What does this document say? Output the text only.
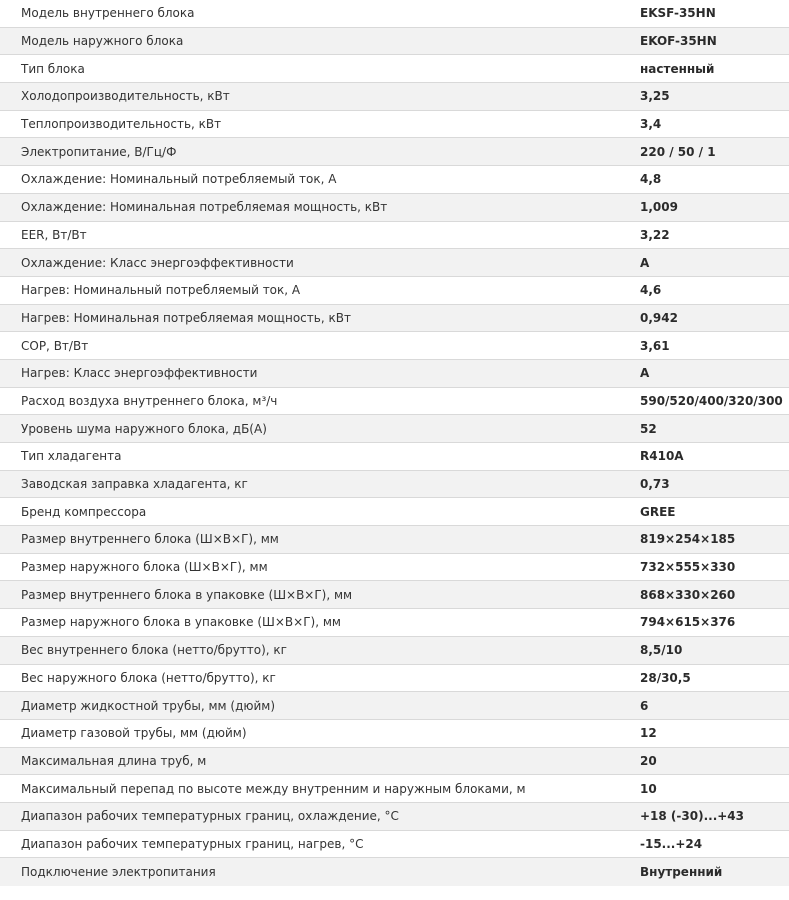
Модель внутреннего блока	EKSF-35HN
Модель наружного блока	EKOF-35HN
Тип блока	настенный
Холодопроизводительность, кВт	3,25
Теплопроизводительность, кВт	3,4
Электропитание, В/Гц/Ф	220 / 50 / 1
Охлаждение: Номинальный потребляемый ток, А	4,8
Охлаждение: Номинальная потребляемая мощность, кВт	1,009
EER, Вт/Вт	3,22
Охлаждение: Класс энергоэффективности	A
Нагрев: Номинальный потребляемый ток, А	4,6
Нагрев: Номинальная потребляемая мощность, кВт	0,942
COP, Вт/Вт	3,61
Нагрев: Класс энергоэффективности	A
Расход воздуха внутреннего блока, м³/ч	590/520/400/320/300
Уровень шума наружного блока, дБ(А)	52
Тип хладагента	R410A
Заводская заправка хладагента, кг	0,73
Бренд компрессора	GREE
Размер внутреннего блока (Ш×В×Г), мм	819×254×185
Размер наружного блока (Ш×В×Г), мм	732×555×330
Размер внутреннего блока в упаковке (Ш×В×Г), мм	868×330×260
Размер наружного блока в упаковке (Ш×В×Г), мм	794×615×376
Вес внутреннего блока (нетто/брутто), кг	8,5/10
Вес наружного блока (нетто/брутто), кг	28/30,5
Диаметр жидкостной трубы, мм (дюйм)	6
Диаметр газовой трубы, мм (дюйм)	12
Максимальная длина труб, м	20
Максимальный перепад по высоте между внутренним и наружным блоками, м	10
Диапазон рабочих температурных границ, охлаждение, °С	+18 (-30)...+43
Диапазон рабочих температурных границ, нагрев, °С	-15...+24
Подключение электропитания	Внутренний
